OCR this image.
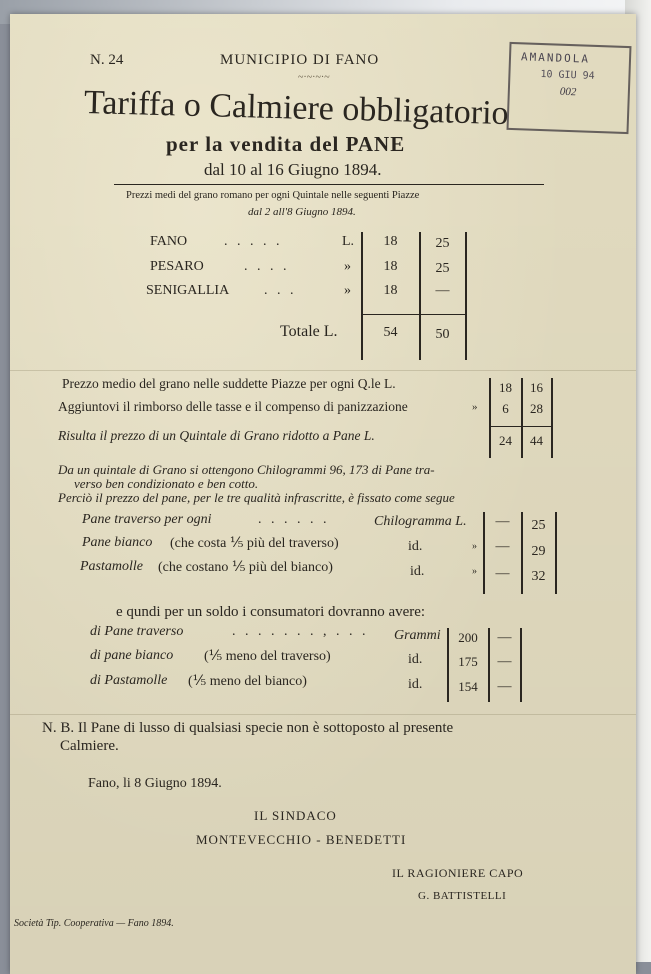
AMANDOLA
10 GIU 94
002
N. 24	MUNICIPIO DI FANO
~·~·~·~
Tariffa o Calmiere obbligatorio
per la vendita del PANE
dal 10 al 16 Giugno 1894.
Prezzi medi del grano romano per ogni Quintale nelle seguenti Piazze
dal 2 all'8 Giugno 1894.
FANO	. . . . .	L.	18	25
PESARO	. . . .	»	18	25
SENIGALLIA . . .	»	18	—
Totale L.	54	50
Prezzo medio del grano nelle suddette Piazze per ogni Q.le L.	18	16
Aggiuntovi il rimborso delle tasse e il compenso di panizzazione	»	6	28
Risulta il prezzo di un Quintale di Grano ridotto a Pane L.	24	44
Da un quintale di Grano si ottengono Chilogrammi 96, 173 di Pane tra-
verso ben condizionato e ben cotto.
Perciò il prezzo del pane, per le tre qualità infrascritte, è fissato come segue
Pane traverso per ogni	. . . . . .	Chilogramma L.	—	25
Pane bianco (che costa ⅕ più del traverso)	id.	»	—	29
Pastamolle (che costano ⅕ più del bianco)	id.	»	—	32
e qundi per un soldo i consumatori dovranno avere:
di Pane traverso	. . . . . . . , . . . Grammi	200	—
di pane bianco (⅕ meno del traverso)	id.	175	—
di Pastamolle (⅕ meno del bianco)	id.	154	—
N. B. Il Pane di lusso di qualsiasi specie non è sottoposto al presente
Calmiere.
Fano, li 8 Giugno 1894.
IL SINDACO
MONTEVECCHIO - BENEDETTI
IL RAGIONIERE CAPO
G. BATTISTELLI
Società Tip. Cooperativa — Fano 1894.
